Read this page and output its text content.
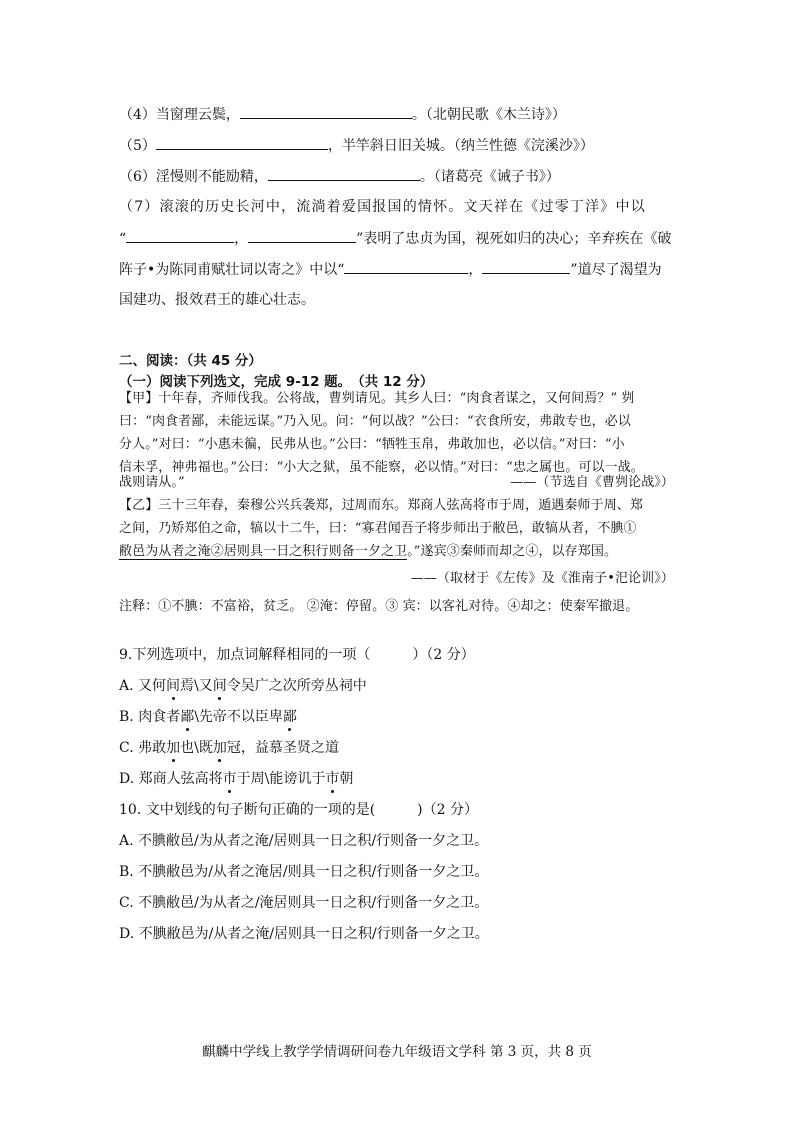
（4）当窗理云鬓，	。（北朝民歌《木兰诗》）
（5）	，半竿斜日旧关城。（纳兰性德《浣溪沙》）
（6）淫慢则不能励精，	。（诸葛亮《诫子书》）
（7）滚滚的历史长河中，流淌着爱国报国的情怀。文天祥在《过零丁洋》中以
“	，	”表明了忠贞为国，视死如归的决心；辛弃疾在《破
阵子•为陈同甫赋壮词以寄之》中以“	，	”道尽了渴望为
国建功、报效君王的雄心壮志。
二、阅读：（共 45 分）
（一）阅读下列选文，完成 9-12 题。　（共 12 分）
【甲】十年春，齐师伐我。公将战，曹刿请见。其乡人曰：“肉食者谋之，又何间焉？” 刿
曰：“肉食者鄙，未能远谋。”乃入见。问：“何以战？”公曰：“衣食所安，弗敢专也，必以
分人。”对曰：“小惠未徧，民弗从也。”公曰：“牺牲玉帛，弗敢加也，必以信。”对曰：“小
信未孚，神弗福也。”公曰：“小大之狱，虽不能察，必以情。”对曰：“忠之属也。可以一战。
战则请从。”	——（节选自《曹刿论战》）
【乙】三十三年春，秦穆公兴兵袭郑，过周而东。郑商人弦高将市于周，遁遇秦师于周、郑
之间，乃矫郑伯之命，犒以十二牛，曰：“寡君闻吾子将步师出于敝邑，敢犒从者，不腆①
敝邑为从者之淹②居则具一日之积行则备一夕之卫。”遂宾③秦师而却之④，以存郑国。
——（取材于《左传》及《淮南子•汜论训》）
注释：①不腆：不富裕，贫乏。 ②淹：停留。③ 宾：以客礼对待。④却之：使秦军撤退。
9.下列选项中，加点词解释相同的一项（　　　）（2 分）
A. 又何间焉\又间令吴广之次所旁丛祠中
B. 肉食者鄙\先帝不以臣卑鄙
C. 弗敢加也\既加冠，益慕圣贤之道
D. 郑商人弦高将市于周\能谤讥于市朝
10. 文中划线的句子断句正确的一项的是(　　　)（2 分）
A. 不腆敝邑/为从者之淹/居则具一日之积/行则备一夕之卫。
B. 不腆敝邑为/从者之淹居/则具一日之积/行则备一夕之卫。
C. 不腆敝邑/为从者之/淹居则具一日之积/行则备一夕之卫。
D. 不腆敝邑为/从者之淹/居则具一日之积/行则备一夕之卫。
麒麟中学线上教学学情调研问卷九年级语文学科 第 3 页，共 8 页
